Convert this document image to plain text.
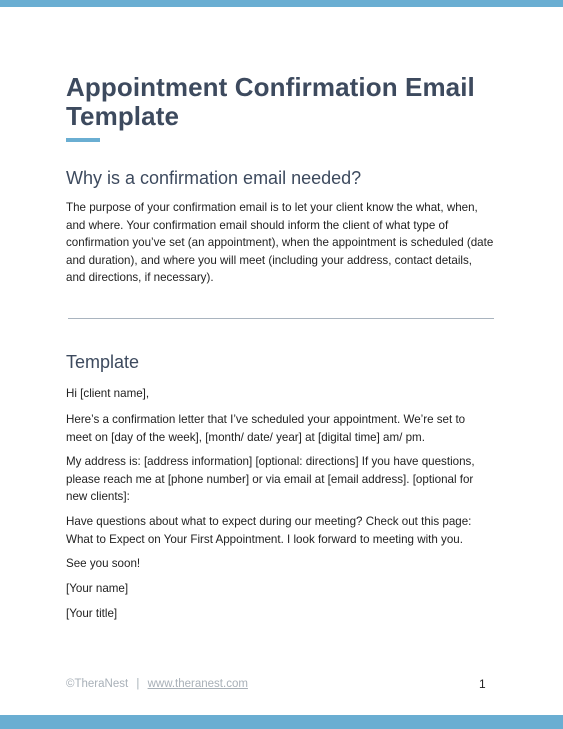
Appointment Confirmation Email Template
Why is a confirmation email needed?

The purpose of your confirmation email is to let your client know the what, when, and where. Your confirmation email should inform the client of what type of confirmation you’ve set (an appointment), when the appointment is scheduled (date and duration), and where you will meet (including your address, contact details, and directions, if necessary).

Template

Hi [client name],

Here’s a confirmation letter that I’ve scheduled your appointment. We’re set to meet on [day of the week], [month/ date/ year] at [digital time] am/ pm.

My address is: [address information] [optional: directions] If you have questions, please reach me at [phone number] or via email at [email address]. [optional for new clients]:

Have questions about what to expect during our meeting? Check out this page: What to Expect on Your First Appointment. I look forward to meeting with you.

See you soon!

[Your name]

[Your title]

©TheraNest | www.theranest.com	1
